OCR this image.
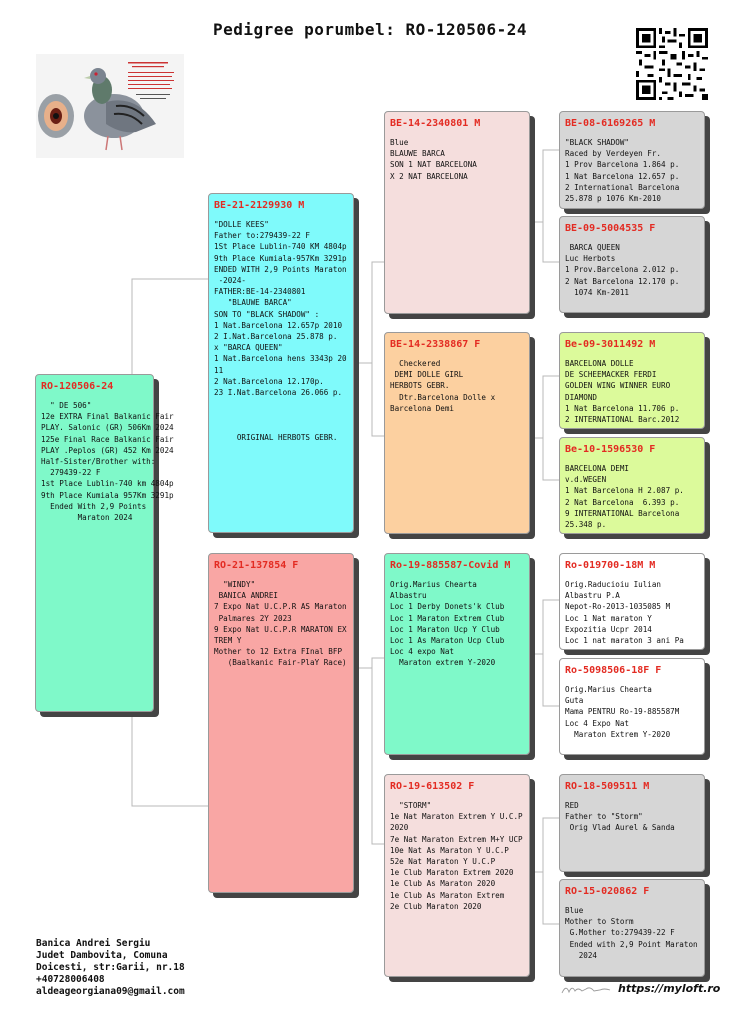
Pedigree porumbel: RO-120506-24
RO-120506-24
" DE 506"
12e EXTRA Final Balkanic Fair
PLAY. Salonic (GR) 506Km 2024
125e Final Race Balkanic Fair
PLAY .Peplos (GR) 452 Km 2024
Half-Sister/Brother with:
279439-22 F
1st Place Lublin-740 km 4804p
9th Place Kumiala 957Km 3291p
Ended With 2,9 Points
Maraton 2024
BE-21-2129930 M
"DOLLE KEES"
Father to:279439-22 F
1St Place Lublin-740 KM 4804p
9th Place Kumiala-957Km 3291p
ENDED WITH 2,9 Points Maraton
-2024-
FATHER:BE-14-2340801
"BLAUWE BARCA"
SON TO "BLACK SHADOW" :
1 Nat.Barcelona 12.657p 2010
2 I.Nat.Barcelona 25.878 p.
x "BARCA QUEEN"
1 Nat.Barcelona hens 3343p 20
11
2 Nat.Barcelona 12.170p.
23 I.Nat.Barcelona 26.066 p.

ORIGINAL HERBOTS GEBR.
RO-21-137854 F
"WINDY"
BANICA ANDREI
7 Expo Nat U.C.P.R AS Maraton
Palmares 2Y 2023
9 Expo Nat U.C.P.R MARATON EX
TREM Y
Mother to 12 Extra FInal BFP
(Baalkanic Fair-PlaY Race)
BE-14-2340801 M
Blue
BLAUWE BARCA
SON 1 NAT BARCELONA
X 2 NAT BARCELONA
BE-14-2338867 F
Checkered
DEMI DOLLE GIRL
HERBOTS GEBR.
Dtr.Barcelona Dolle x
Barcelona Demi
Ro-19-885587-Covid M
Orig.Marius Chearta
Albastru
Loc 1 Derby Donets'k Club
Loc 1 Maraton Extrem Club
Loc 1 Maraton Ucp Y Club
Loc 1 As Maraton Ucp Club
Loc 4 expo Nat
Maraton extrem Y-2020
RO-19-613502 F
"STORM"
1e Nat Maraton Extrem Y U.C.P
2020
7e Nat Maraton Extrem M+Y UCP
10e Nat As Maraton Y U.C.P
52e Nat Maraton Y U.C.P
1e Club Maraton Extrem 2020
1e Club As Maraton 2020
1e Club As Maraton Extrem
2e Club Maraton 2020
BE-08-6169265 M
"BLACK SHADOW"
Raced by Verdeyen Fr.
1 Prov Barcelona 1.864 p.
1 Nat Barcelona 12.657 p.
2 International Barcelona
25.878 p 1076 Km-2010
BE-09-5004535 F
BARCA QUEEN
Luc Herbots
1 Prov.Barcelona 2.012 p.
2 Nat Barcelona 12.170 p.
1074 Km-2011
Be-09-3011492 M
BARCELONA DOLLE
DE SCHEEMACKER FERDI
GOLDEN WING WINNER EURO
DIAMOND
1 Nat Barcelona 11.706 p.
2 INTERNATIONAL Barc.2012
Be-10-1596530 F
BARCELONA DEMI
v.d.WEGEN
1 Nat Barcelona H 2.087 p.
2 Nat Barcelona  6.393 p.
9 INTERNATIONAL Barcelona
25.348 p.
Ro-019700-18M M
Orig.Raducioiu Iulian
Albastru P.A
Nepot-Ro-2013-1035085 M
Loc 1 Nat maraton Y
Expozitia Ucpr 2014
Loc 1 nat maraton 3 ani Pa
Ro-5098506-18F F
Orig.Marius Chearta
Guta
Mama PENTRU Ro-19-885587M
Loc 4 Expo Nat
Maraton Extrem Y-2020
RO-18-509511 M
RED
Father to "Storm"
Orig Vlad Aurel & Sanda
RO-15-020862 F
Blue
Mother to Storm
G.Mother to:279439-22 F
Ended with 2,9 Point Maraton
2024
Banica Andrei Sergiu
Judet Dambovita, Comuna
Doicesti, str:Garii, nr.18
+40728006408
aldeageorgiana09@gmail.com	https://myloft.ro
